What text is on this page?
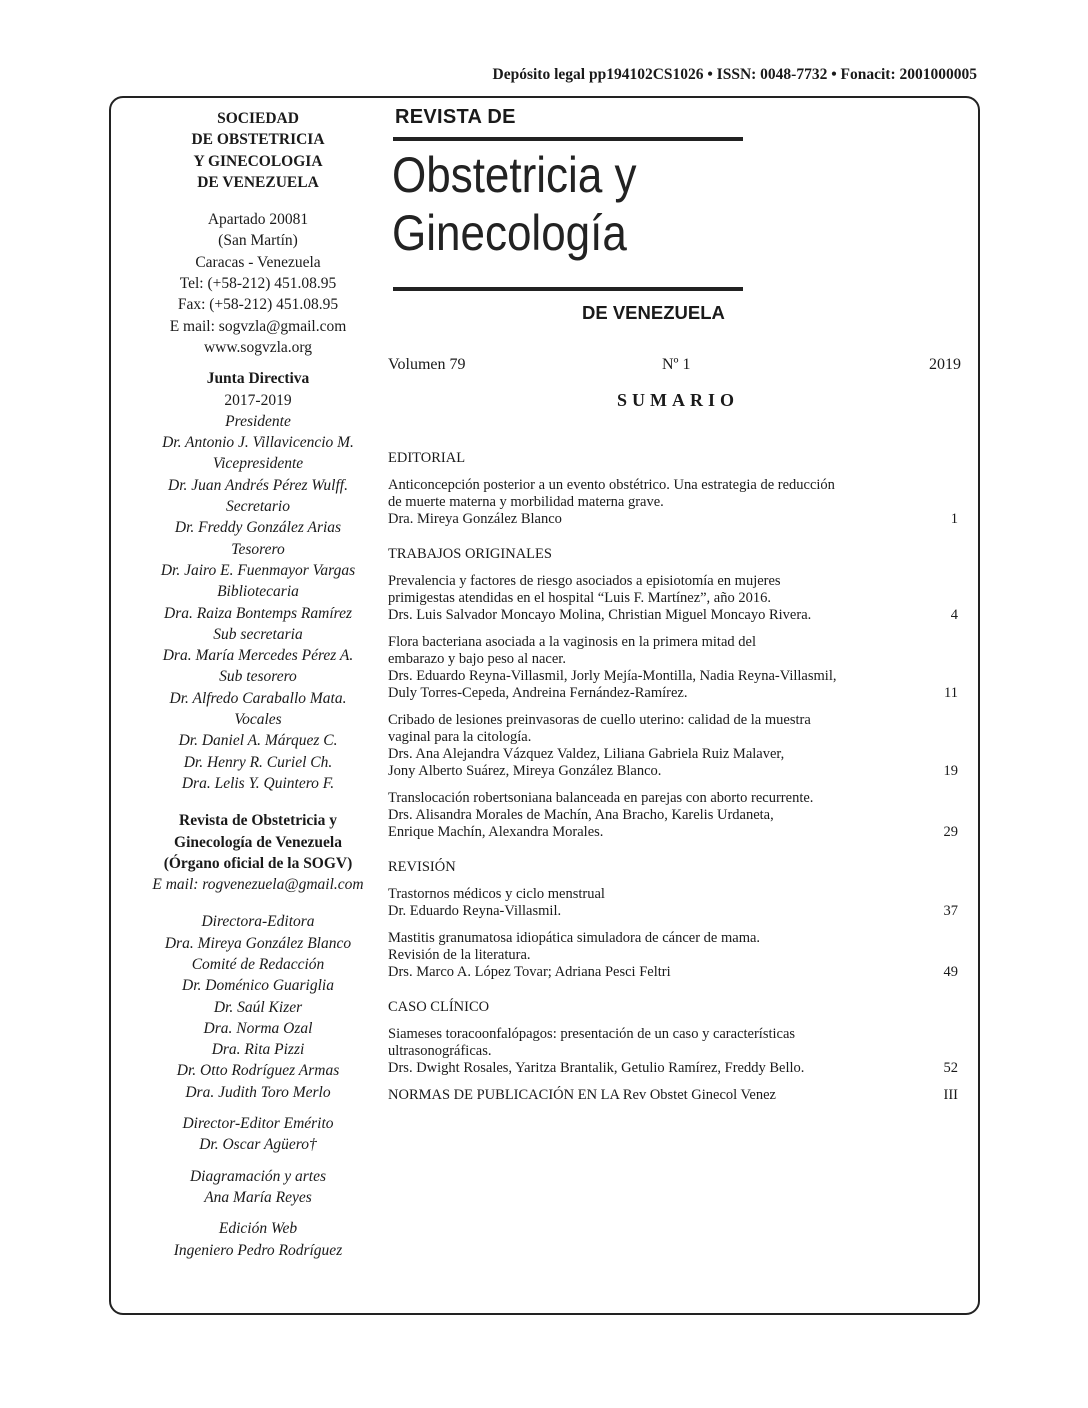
Depósito legal pp194102CS1026 • ISSN: 0048-7732 • Fonacit: 2001000005
SOCIEDAD
DE OBSTETRICIA
Y GINECOLOGIA
DE VENEZUELA
Apartado 20081
(San Martín)
Caracas - Venezuela
Tel: (+58-212) 451.08.95
Fax: (+58-212) 451.08.95
E mail: sogvzla@gmail.com
www.sogvzla.org
Junta Directiva
2017-2019
Presidente
Dr. Antonio J. Villavicencio M.
Vicepresidente
Dr. Juan Andrés Pérez Wulff.
Secretario
Dr. Freddy González Arias
Tesorero
Dr. Jairo E. Fuenmayor Vargas
Bibliotecaria
Dra. Raiza Bontemps Ramírez
Sub secretaria
Dra. María Mercedes Pérez A.
Sub tesorero
Dr. Alfredo Caraballo Mata.
Vocales
Dr. Daniel A. Márquez C.
Dr. Henry R. Curiel Ch.
Dra. Lelis Y. Quintero F.
Revista de Obstetricia y
Ginecología de Venezuela
(Órgano oficial de la SOGV)
E mail: rogvenezuela@gmail.com
Directora-Editora
Dra. Mireya González Blanco
Comité de Redacción
Dr. Doménico Guariglia
Dr. Saúl Kizer
Dra. Norma Ozal
Dra. Rita Pizzi
Dr. Otto Rodríguez Armas
Dra. Judith Toro Merlo
Director-Editor Emérito
Dr. Oscar Agüero†
Diagramación y artes
Ana María Reyes
Edición Web
Ingeniero Pedro Rodríguez
REVISTA DE
Obstetricia y
Ginecología
DE VENEZUELA
Volumen 79	Nº 1	2019
SUMARIO
EDITORIAL
Anticoncepción posterior a un evento obstétrico. Una estrategia de reducción
de muerte materna y morbilidad materna grave.
Dra. Mireya González Blanco	1
TRABAJOS ORIGINALES
Prevalencia y factores de riesgo asociados a episiotomía en mujeres
primigestas atendidas en el hospital “Luis F. Martínez”, año 2016.
Drs. Luis Salvador Moncayo Molina, Christian Miguel Moncayo Rivera.	4
Flora bacteriana asociada a la vaginosis en la primera mitad del
embarazo y bajo peso al nacer.
Drs. Eduardo Reyna-Villasmil, Jorly Mejía-Montilla, Nadia Reyna-Villasmil,
Duly Torres-Cepeda, Andreina Fernández-Ramírez.	11
Cribado de lesiones preinvasoras de cuello uterino: calidad de la muestra
vaginal para la citología.
Drs. Ana Alejandra Vázquez Valdez, Liliana Gabriela Ruiz Malaver,
Jony Alberto Suárez, Mireya González Blanco.	19
Translocación robertsoniana balanceada en parejas con aborto recurrente.
Drs. Alisandra Morales de Machín, Ana Bracho, Karelis Urdaneta,
Enrique Machín, Alexandra Morales.	29
REVISIÓN
Trastornos médicos y ciclo menstrual
Dr. Eduardo Reyna-Villasmil.	37
Mastitis granumatosa idiopática simuladora de cáncer de mama.
Revisión de la literatura.
Drs. Marco A. López Tovar; Adriana Pesci Feltri	49
CASO CLÍNICO
Siameses toracoonfalópagos: presentación de un caso y características
ultrasonográficas.
Drs. Dwight Rosales, Yaritza Brantalik, Getulio Ramírez, Freddy Bello.	52
NORMAS DE PUBLICACIÓN EN LA Rev Obstet Ginecol Venez	III
